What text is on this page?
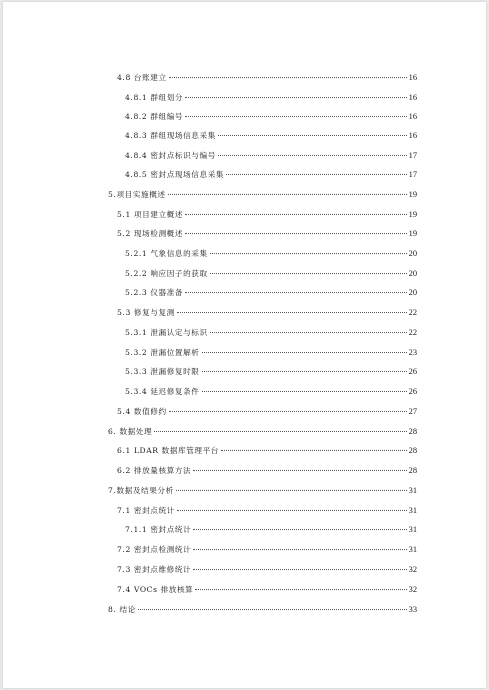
4.8 台账建立	16
4.8.1 群组划分	16
4.8.2 群组编号	16
4.8.3 群组现场信息采集	16
4.8.4 密封点标识与编号	17
4.8.5 密封点现场信息采集	17
5.项目实施概述	19
5.1 项目建立概述	19
5.2 现场检测概述	19
5.2.1 气象信息的采集	20
5.2.2 响应因子的获取	20
5.2.3 仪器准备	20
5.3 修复与复测	22
5.3.1 泄漏认定与标识	22
5.3.2 泄漏位置解析	23
5.3.3 泄漏修复时限	26
5.3.4 延迟修复条件	26
5.4 数值修约	27
6. 数据处理	28
6.1 LDAR 数据库管理平台	28
6.2 排放量核算方法	28
7.数据及结果分析	31
7.1 密封点统计	31
7.1.1 密封点统计	31
7.2 密封点检测统计	31
7.3 密封点维修统计	32
7.4 VOCs 排放核算	32
8. 结论	33
